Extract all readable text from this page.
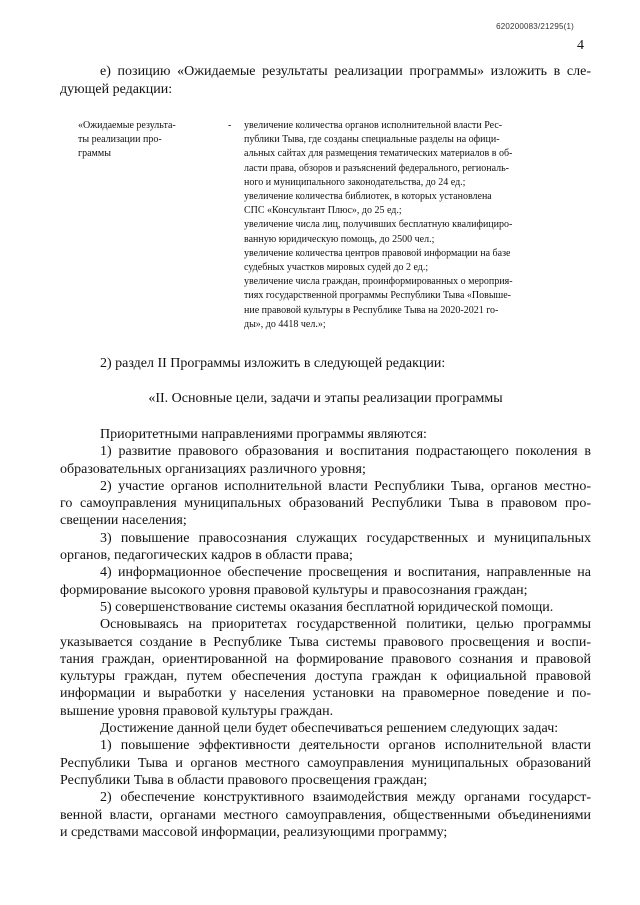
620200083/21295(1)
4
е) позицию «Ожидаемые результаты реализации программы» изложить в сле-
дующей редакции:
«Ожидаемые результа-
ты реализации про-
граммы
- увеличение количества органов исполнительной власти Рес-
публики Тыва, где созданы специальные разделы на офици-
альных сайтах для размещения тематических материалов в об-
ласти права, обзоров и разъяснений федерального, региональ-
ного и муниципального законодательства, до 24 ед.;
увеличение количества библиотек, в которых установлена
СПС «Консультант Плюс», до 25 ед.;
увеличение числа лиц, получивших бесплатную квалифициро-
ванную юридическую помощь, до 2500 чел.;
увеличение количества центров правовой информации на базе
судебных участков мировых судей до 2 ед.;
увеличение числа граждан, проинформированных о мероприя-
тиях государственной программы Республики Тыва «Повыше-
ние правовой культуры в Республике Тыва на 2020-2021 го-
ды», до 4418 чел.»;
2) раздел II Программы изложить в следующей редакции:
«II. Основные цели, задачи и этапы реализации программы
Приоритетными направлениями программы являются:
1) развитие правового образования и воспитания подрастающего поколения в
образовательных организациях различного уровня;
2) участие органов исполнительной власти Республики Тыва, органов местно-
го самоуправления муниципальных образований Республики Тыва в правовом про-
свещении населения;
3) повышение правосознания служащих государственных и муниципальных
органов, педагогических кадров в области права;
4) информационное обеспечение просвещения и воспитания, направленные на
формирование высокого уровня правовой культуры и правосознания граждан;
5) совершенствование системы оказания бесплатной юридической помощи.
Основываясь на приоритетах государственной политики, целью программы
указывается создание в Республике Тыва системы правового просвещения и воспи-
тания граждан, ориентированной на формирование правового сознания и правовой
культуры граждан, путем обеспечения доступа граждан к официальной правовой
информации и выработки у населения установки на правомерное поведение и по-
вышение уровня правовой культуры граждан.
Достижение данной цели будет обеспечиваться решением следующих задач:
1) повышение эффективности деятельности органов исполнительной власти
Республики Тыва и органов местного самоуправления муниципальных образований
Республики Тыва в области правового просвещения граждан;
2) обеспечение конструктивного взаимодействия между органами государст-
венной власти, органами местного самоуправления, общественными объединениями
и средствами массовой информации, реализующими программу;
